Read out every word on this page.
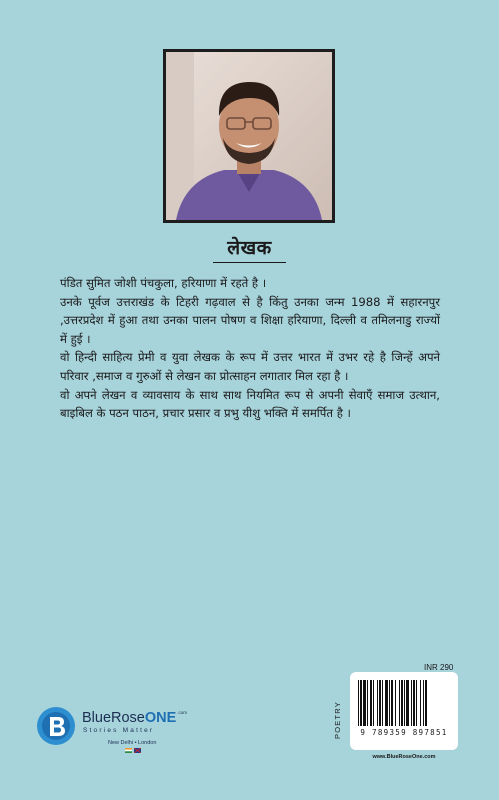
लेखक

पंडित सुमित जोशी पंचकुला, हरियाणा में रहते है ।

उनके पूर्वज उत्तराखंड के टिहरी गढ़वाल से है किंतु उनका जन्म 1988 में सहारनपुर ,उत्तरप्रदेश में हुआ तथा उनका पालन पोषण व शिक्षा हरियाणा, दिल्ली व तमिलनाडु राज्यों में हुई ।

वो हिन्दी साहित्य प्रेमी व युवा लेखक के रूप में उत्तर भारत में उभर रहे है जिन्हें अपने परिवार ,समाज व गुरुओं से लेखन का प्रोत्साहन लगातार मिल रहा है ।

वो अपने लेखन व व्यावसाय के साथ साथ नियमित रूप से अपनी सेवाएँ समाज उत्थान, बाइबिल के पठन पाठन, प्रचार प्रसार व प्रभु यीशु भक्ति में समर्पित है ।

INR 290
POETRY	9 789359 897851
www.BlueRoseOne.com
BlueRoseONE$^{.com}$
Stories Matter
New Delhi • London
